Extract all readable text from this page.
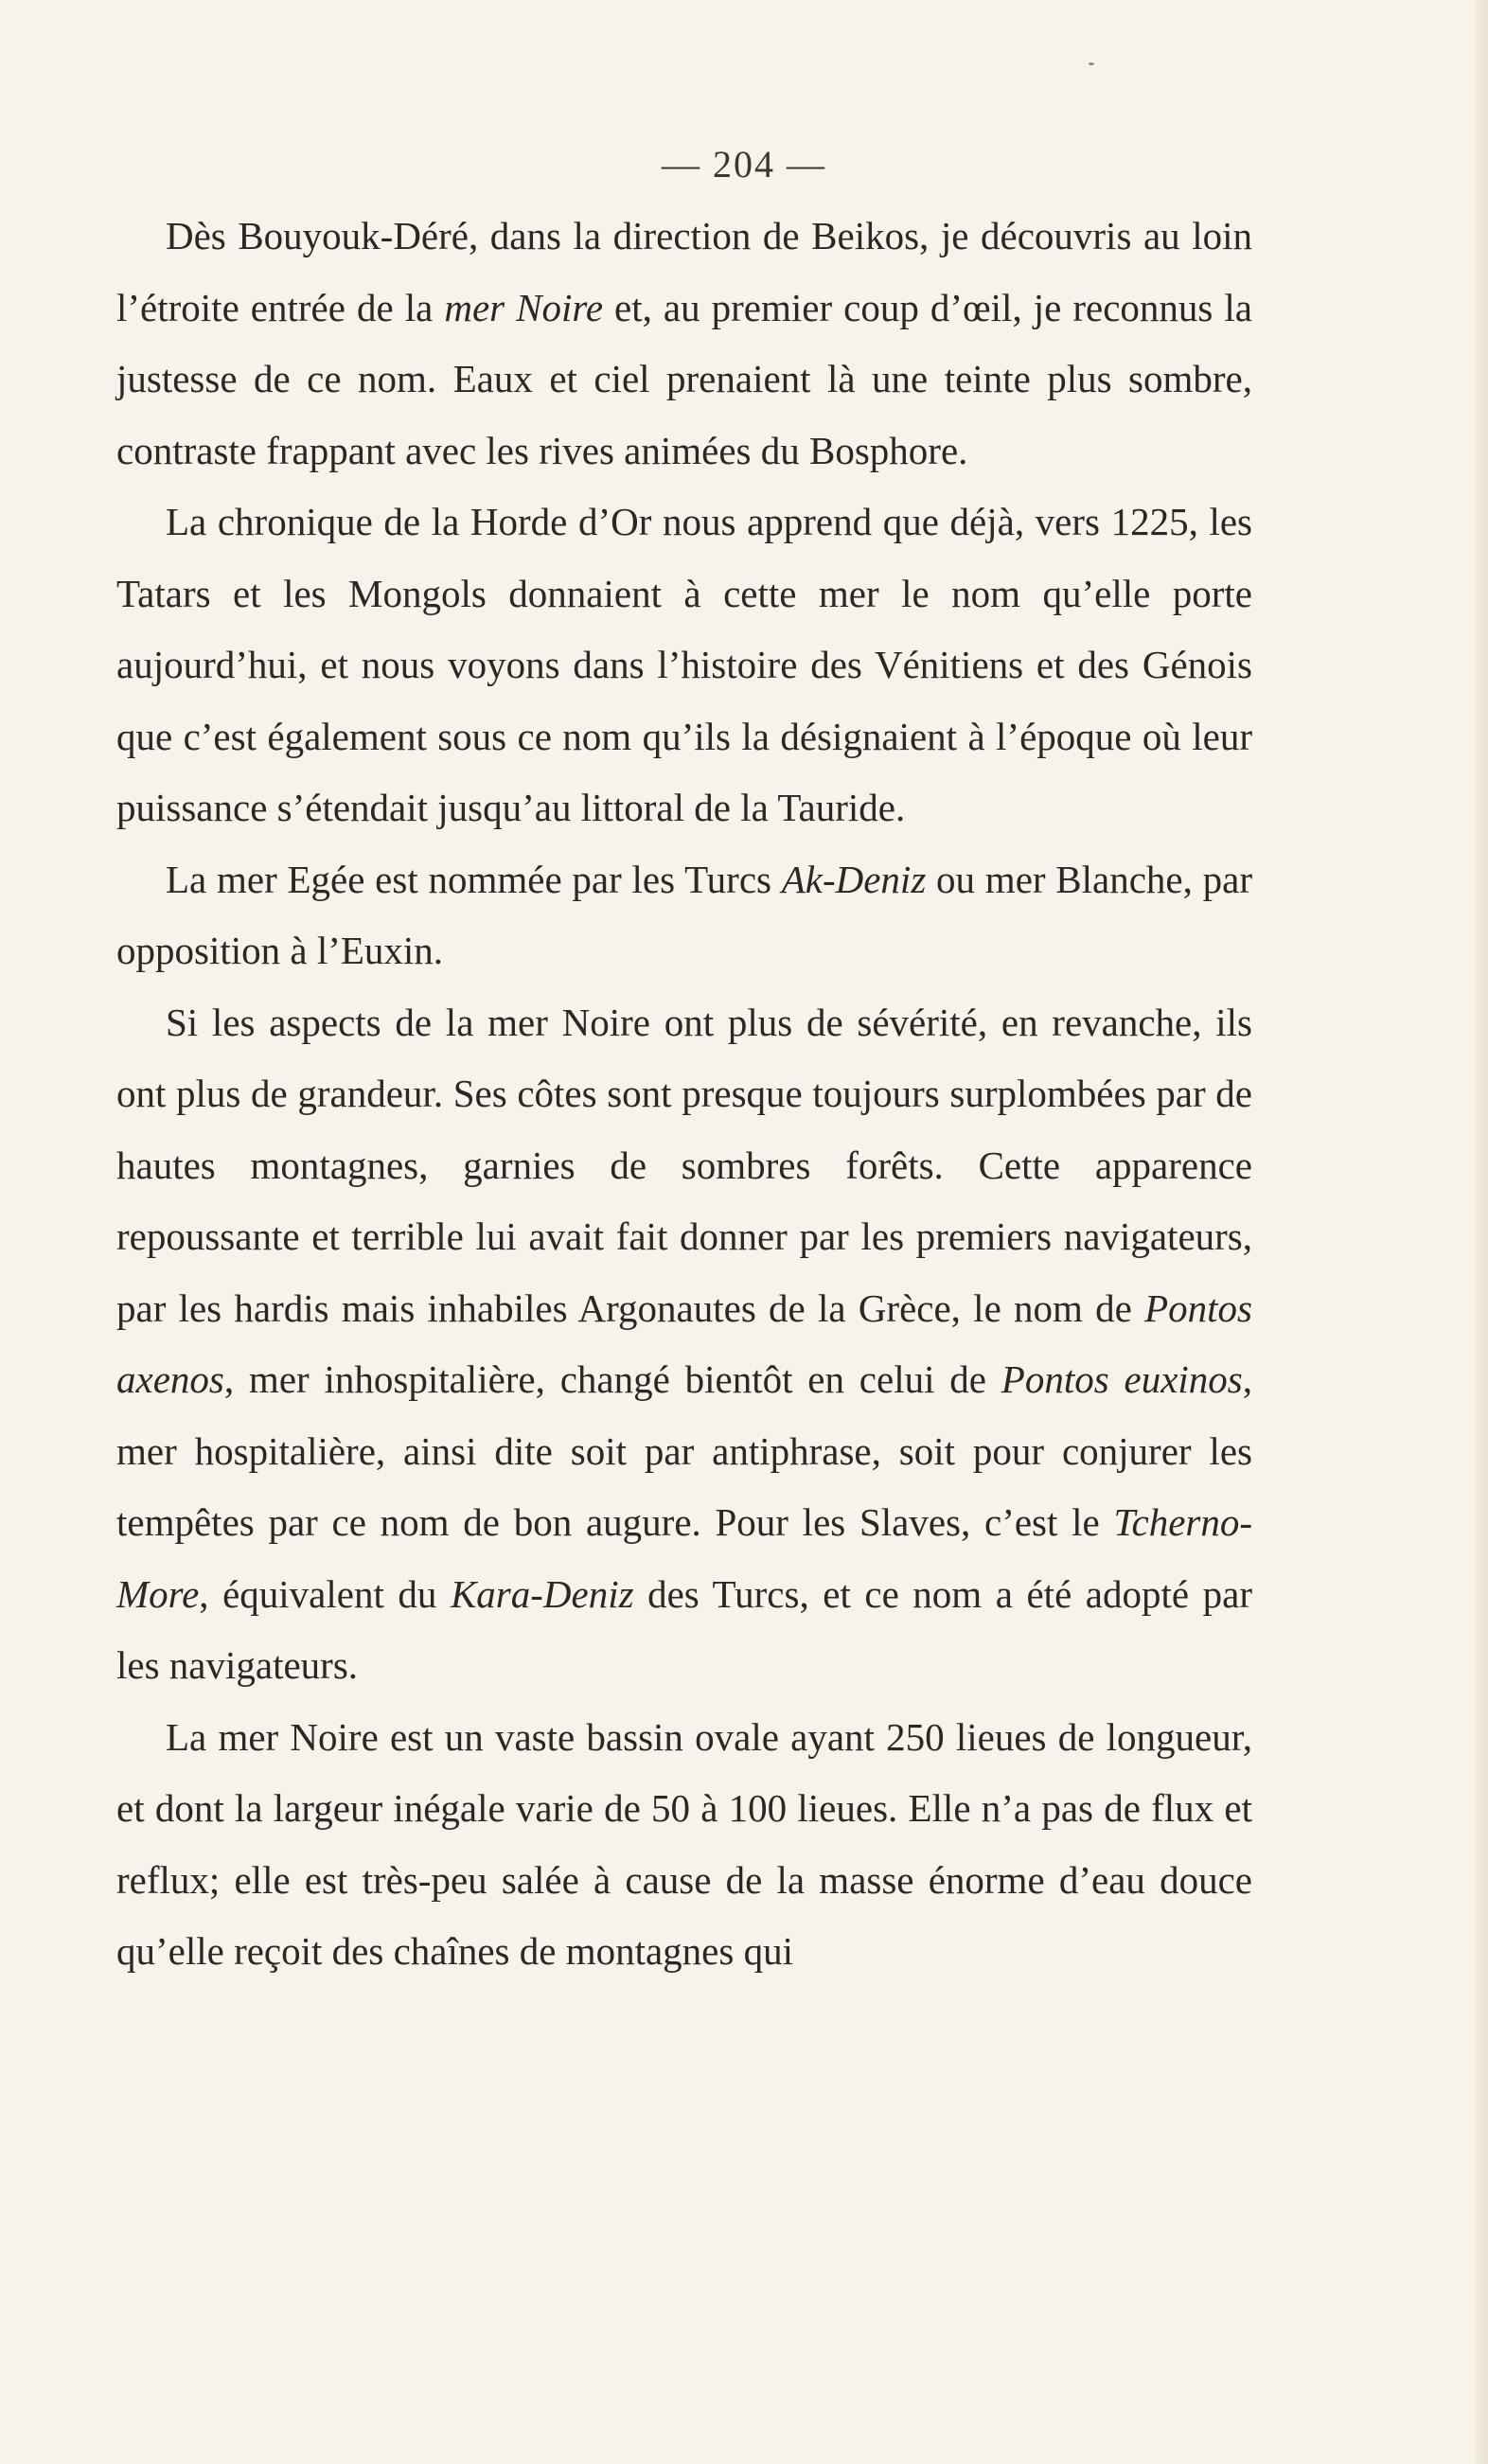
— 204 —

Dès Bouyouk-Déré, dans la direction de Beikos, je découvris au loin l’étroite entrée de la mer Noire et, au premier coup d’œil, je reconnus la justesse de ce nom. Eaux et ciel prenaient là une teinte plus sombre, contraste frappant avec les rives animées du Bosphore.

La chronique de la Horde d’Or nous apprend que déjà, vers 1225, les Tatars et les Mongols donnaient à cette mer le nom qu’elle porte aujourd’hui, et nous voyons dans l’histoire des Vénitiens et des Génois que c’est également sous ce nom qu’ils la désignaient à l’époque où leur puissance s’étendait jusqu’au littoral de la Tauride.

La mer Egée est nommée par les Turcs Ak-Deniz ou mer Blanche, par opposition à l’Euxin.

Si les aspects de la mer Noire ont plus de sévérité, en revanche, ils ont plus de grandeur. Ses côtes sont presque toujours surplombées par de hautes montagnes, garnies de sombres forêts. Cette apparence repoussante et terrible lui avait fait donner par les premiers navigateurs, par les hardis mais inhabiles Argonautes de la Grèce, le nom de Pontos axenos, mer inhospitalière, changé bientôt en celui de Pontos euxinos, mer hospitalière, ainsi dite soit par antiphrase, soit pour conjurer les tempêtes par ce nom de bon augure. Pour les Slaves, c’est le Tcherno-More, équivalent du Kara-Deniz des Turcs, et ce nom a été adopté par les navigateurs.

La mer Noire est un vaste bassin ovale ayant 250 lieues de longueur, et dont la largeur inégale varie de 50 à 100 lieues. Elle n’a pas de flux et reflux; elle est très-peu salée à cause de la masse énorme d’eau douce qu’elle reçoit des chaînes de montagnes qui
